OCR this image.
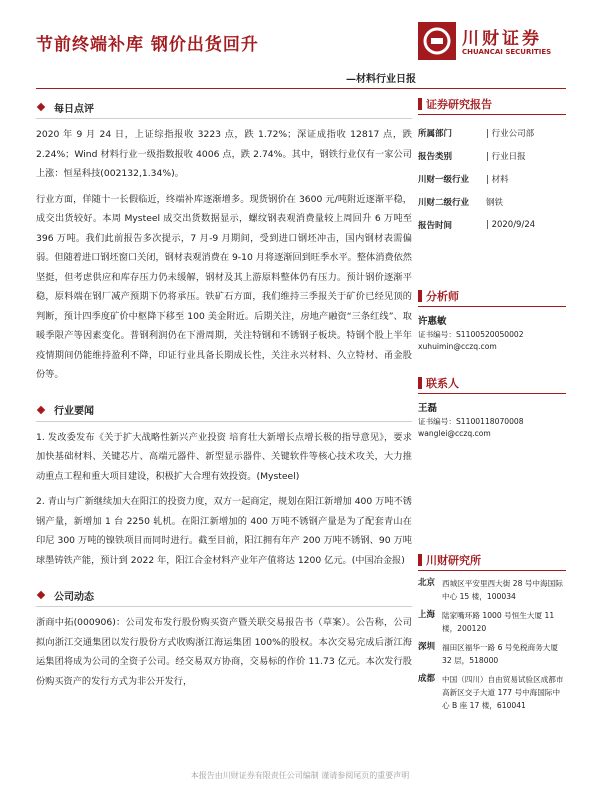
节前终端补库 钢价出货回升	川财证券
CHUANCAI SECURITIES
—材料行业日报
每日点评

2020 年 9 月 24 日，上证综指报收 3223 点，跌 1.72%；深证成指收 12817 点，跌 2.24%；Wind 材料行业一级指数报收 4006 点，跌 2.74%。其中，钢铁行业仅有一家公司上涨：恒星科技(002132,1.34%)。

行业方面，佯随十一长假临近，终端补库逐渐增多。现货钢价在 3600 元/吨附近逐渐平稳，成交出货较好。本周 Mysteel 成交出货数据显示，螺纹钢表观消费量较上周回升 6 万吨至 396 万吨。我们此前报告多次提示，7 月-9 月期间，受到进口钢坯冲击，国内钢材表需偏弱。但随着进口钢坯窗口关闭，钢材表观消费在 9-10 月将逐渐回到旺季水平。整体消费依然坚挺，但考虑供应和库存压力仍未缓解，钢材及其上游原料整体仍有压力。预计钢价逐渐平稳，原料端在钢厂减产预期下仍将承压。铁矿石方面，我们维持三季报关于矿价已经见顶的判断，预计四季度矿价中枢降下移至 100 美金附近。后期关注，房地产融资“三条红线”、取暖季限产等因素变化。普钢利润仍在下滑周期，关注特钢和不锈钢子板块。特钢个股上半年疫情期间仍能维持盈利不降，印证行业具备长期成长性，关注永兴材料、久立特材、甬金股份等。

行业要闻

1. 发改委发布《关于扩大战略性新兴产业投资 培育壮大新增长点增长极的指导意见》，要求加快基础材料、关键芯片、高端元器件、新型显示器件、关键软件等核心技术攻关，大力推动重点工程和重大项目建设，积极扩大合理有效投资。(Mysteel)

2. 青山与广新继续加大在阳江的投资力度，双方一起商定，规划在阳江新增加 400 万吨不锈钢产量，新增加 1 台 2250 轧机。在阳江新增加的 400 万吨不锈钢产量是为了配套青山在印尼 300 万吨的镍铁项目而同时进行。截至目前，阳江拥有年产 200 万吨不锈钢、90 万吨球墨铸铁产能，预计到 2022 年，阳江合金材料产业年产值将达 1200 亿元。(中国冶金报)

公司动态

浙商中拓(000906)：公司发布发行股份购买资产暨关联交易报告书（草案）。公告称，公司拟向浙江交通集团以发行股份方式收购浙江海运集团 100%的股权。本次交易完成后浙江海运集团将成为公司的全资子公司。经交易双方协商，交易标的作价 11.73 亿元。本次发行股份购买资产的发行方式为非公开发行，

证券研究报告
所属部门	| 行业公司部
报告类别	| 行业日报
川财一级行业	| 材料
川财二级行业	钢铁
报告时间	| 2020/9/24
分析师
许惠敏
证书编号：S1100520050002
xuhuimin@cczq.com
联系人
王磊
证书编号：S1100118070008
wanglei@cczq.com
川财研究所
北京 西城区平安里西大街 28 号中海国际中心 15 楼，100034
上海 陆家嘴环路 1000 号恒生大厦 11 楼，200120
深圳 福田区福华一路 6 号免税商务大厦 32 层，518000
成都 中国（四川）自由贸易试验区成都市高新区交子大道 177 号中海国际中心 B 座 17 楼，610041
本报告由川财证券有限责任公司编制 谨请参阅尾页的重要声明
